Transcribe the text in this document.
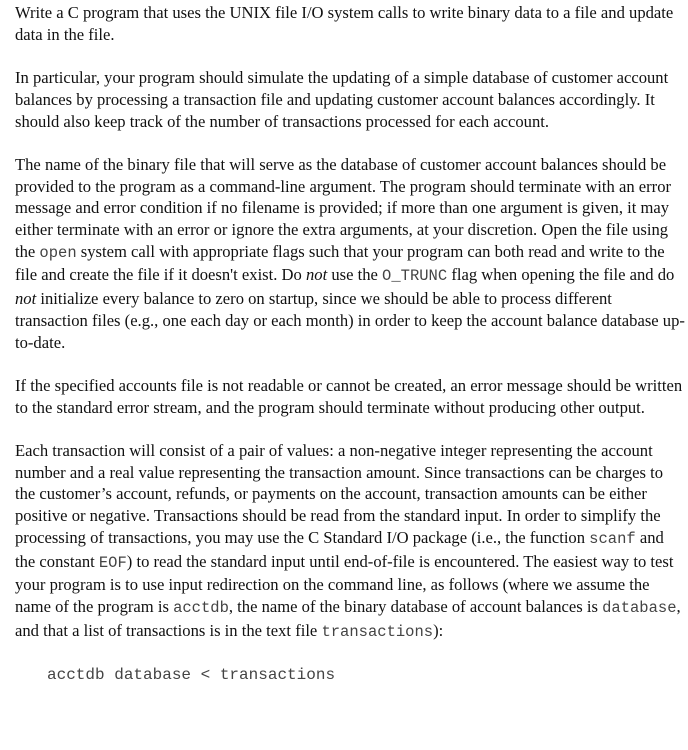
Write a C program that uses the UNIX file I/O system calls to write binary data to a file and update data in the file.

In particular, your program should simulate the updating of a simple database of customer account balances by processing a transaction file and updating customer account balances accordingly. It should also keep track of the number of transactions processed for each account.

The name of the binary file that will serve as the database of customer account balances should be provided to the program as a command-line argument. The program should terminate with an error message and error condition if no filename is provided; if more than one argument is given, it may either terminate with an error or ignore the extra arguments, at your discretion. Open the file using the open system call with appropriate flags such that your program can both read and write to the file and create the file if it doesn't exist. Do not use the O_TRUNC flag when opening the file and do not initialize every balance to zero on startup, since we should be able to process different transaction files (e.g., one each day or each month) in order to keep the account balance database up-to-date.

If the specified accounts file is not readable or cannot be created, an error message should be written to the standard error stream, and the program should terminate without producing other output.

Each transaction will consist of a pair of values: a non-negative integer representing the account number and a real value representing the transaction amount. Since transactions can be charges to the customer’s account, refunds, or payments on the account, transaction amounts can be either positive or negative. Transactions should be read from the standard input. In order to simplify the processing of transactions, you may use the C Standard I/O package (i.e., the function scanf and the constant EOF) to read the standard input until end-of-file is encountered. The easiest way to test your program is to use input redirection on the command line, as follows (where we assume the name of the program is acctdb, the name of the binary database of account balances is database, and that a list of transactions is in the text file transactions):

acctdb database < transactions
